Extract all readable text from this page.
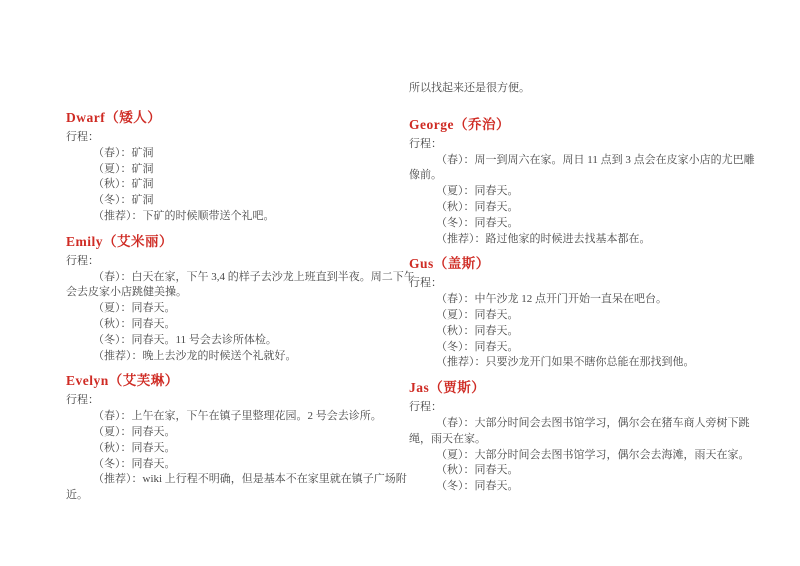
Dwarf（矮人）

行程：

（春）：矿洞

（夏）：矿洞

（秋）：矿洞

（冬）：矿洞

（推荐）：下矿的时候顺带送个礼吧。

Emily（艾米丽）

行程：

（春）：白天在家，下午 3,4 的样子去沙龙上班直到半夜。周二下午会去皮家小店跳健美操。

（夏）：同春天。

（秋）：同春天。

（冬）：同春天。11 号会去诊所体检。

（推荐）：晚上去沙龙的时候送个礼就好。

Evelyn（艾芙琳）

行程：

（春）：上午在家，下午在镇子里整理花园。2 号会去诊所。

（夏）：同春天。

（秋）：同春天。

（冬）：同春天。

（推荐）：wiki 上行程不明确，但是基本不在家里就在镇子广场附近。

所以找起来还是很方便。

George（乔治）

行程：

（春）：周一到周六在家。周日 11 点到 3 点会在皮家小店的尤巴雕像前。

（夏）：同春天。

（秋）：同春天。

（冬）：同春天。

（推荐）：路过他家的时候进去找基本都在。

Gus（盖斯）

行程：

（春）：中午沙龙 12 点开门开始一直呆在吧台。

（夏）：同春天。

（秋）：同春天。

（冬）：同春天。

（推荐）：只要沙龙开门如果不瞎你总能在那找到他。

Jas（贾斯）

行程：

（春）：大部分时间会去图书馆学习，偶尔会在猪车商人旁树下跳绳，雨天在家。

（夏）：大部分时间会去图书馆学习，偶尔会去海滩，雨天在家。

（秋）：同春天。

（冬）：同春天。
